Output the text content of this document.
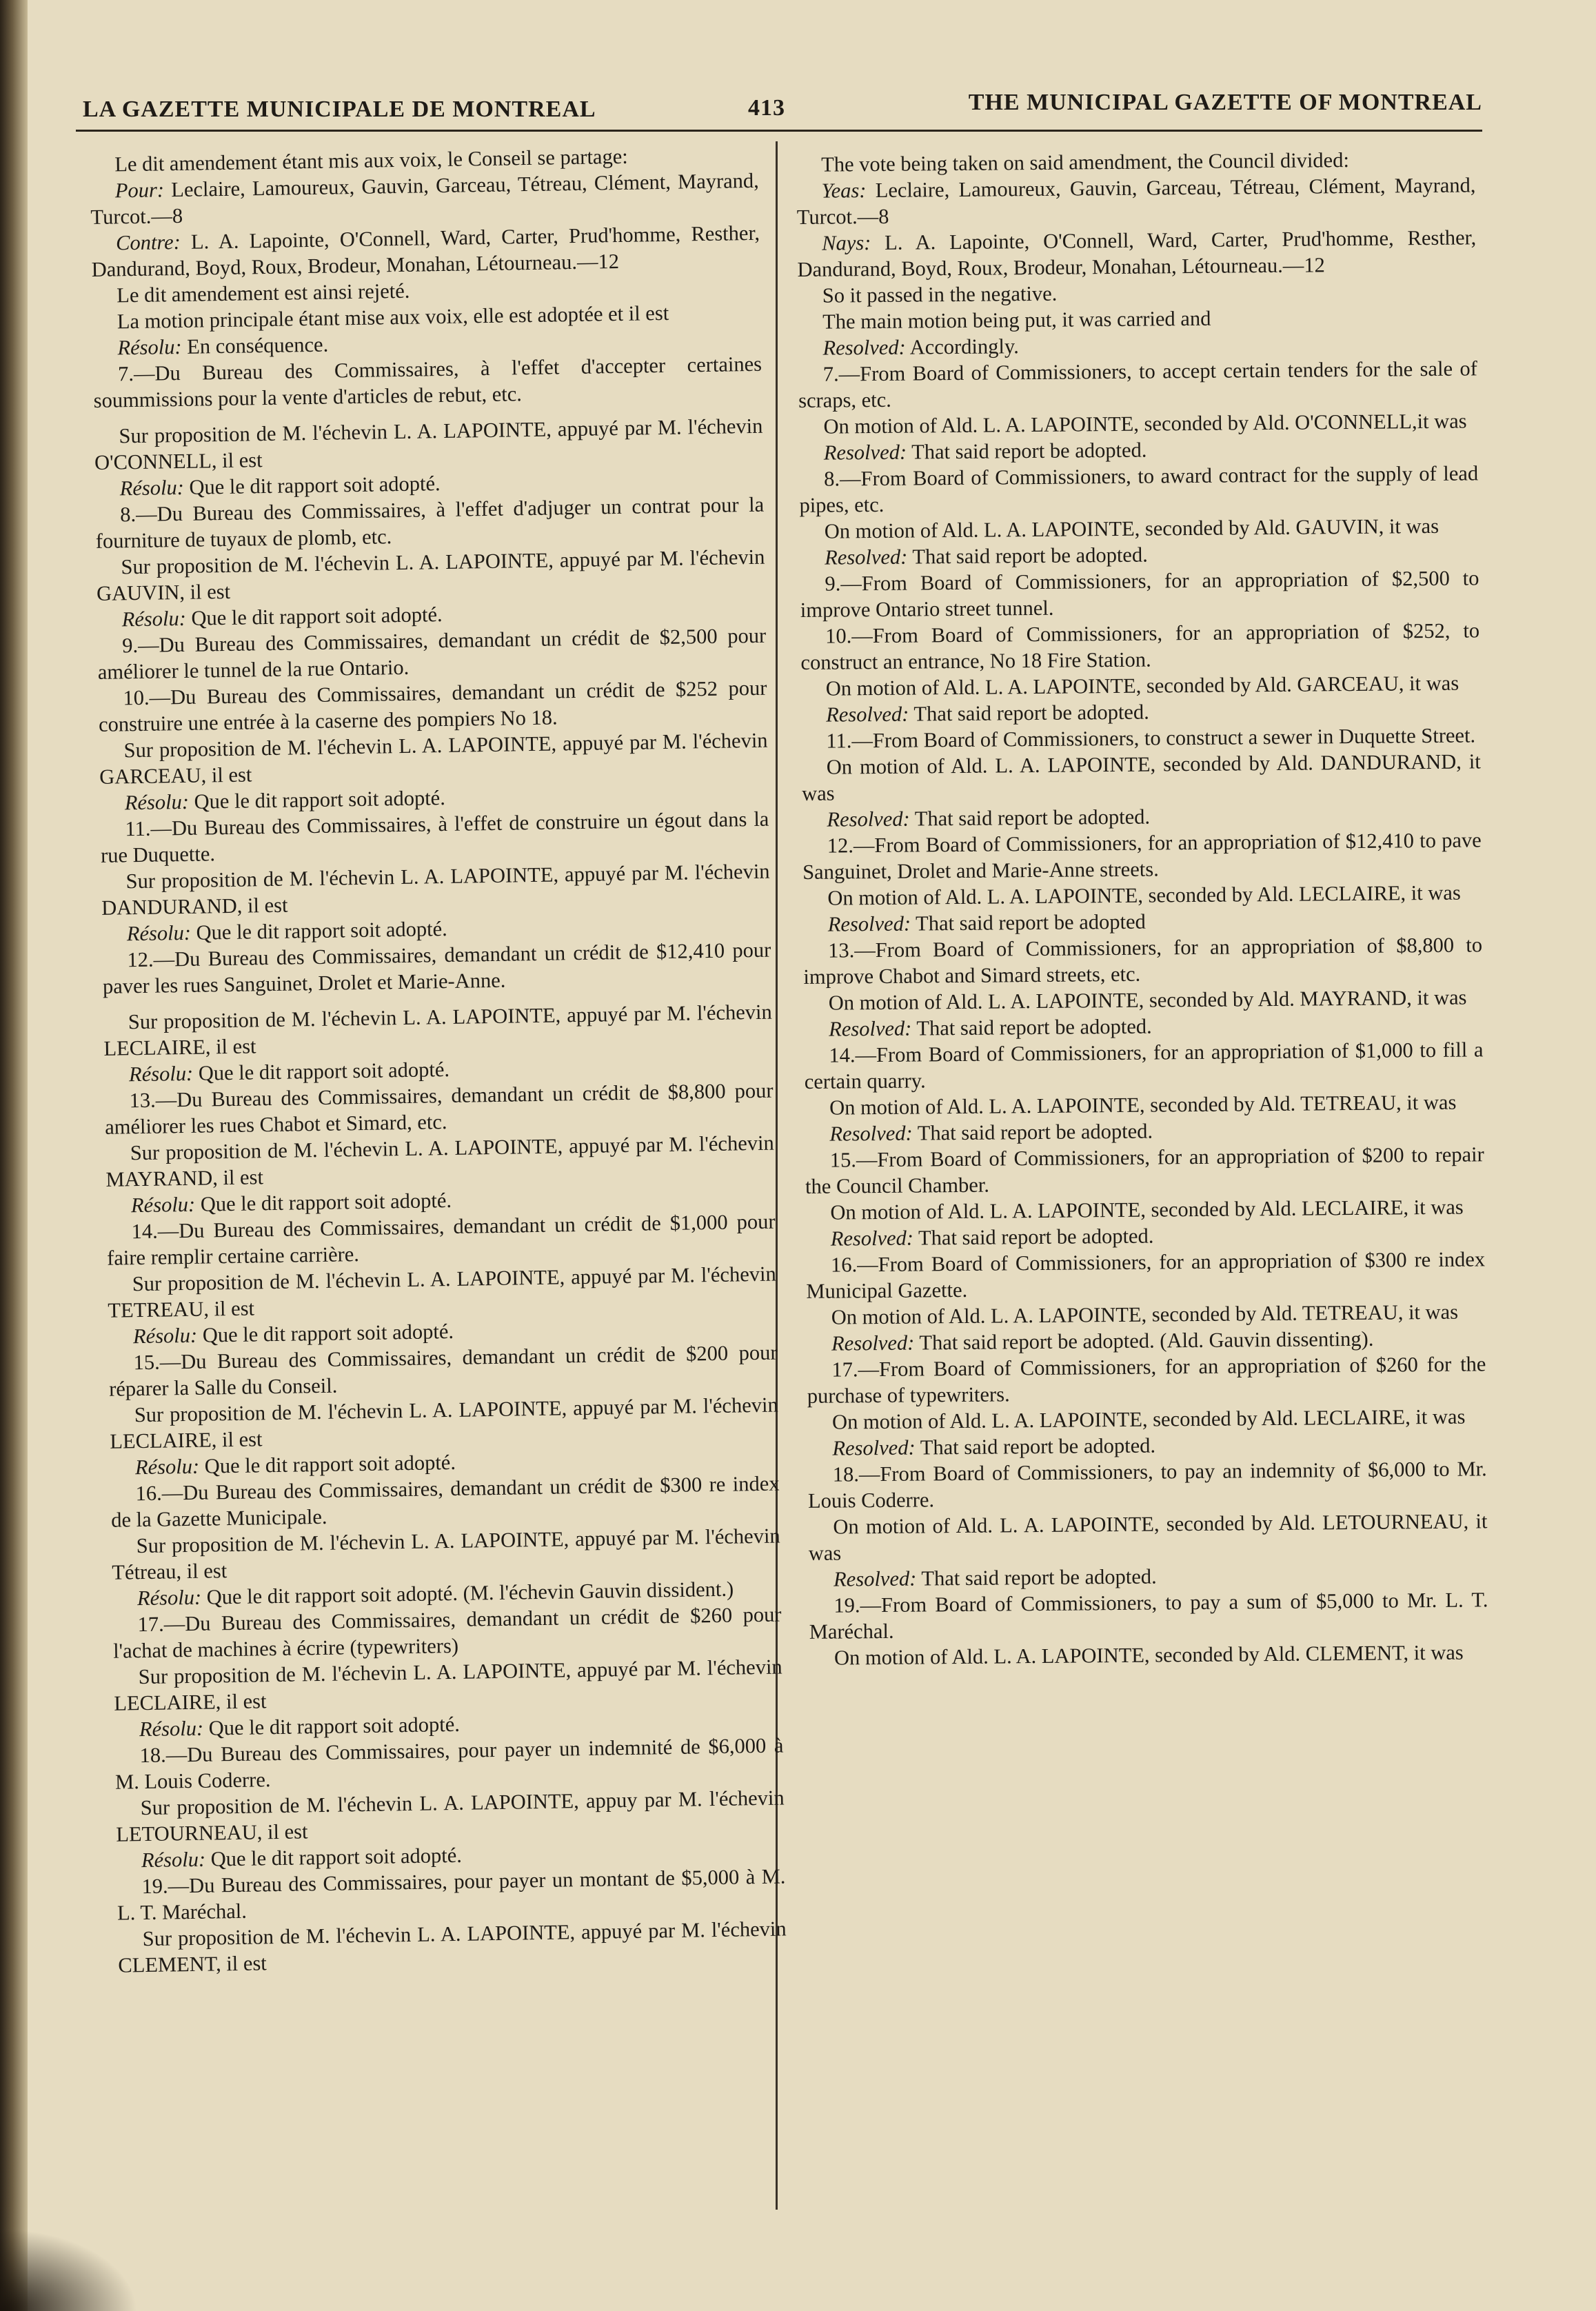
LA GAZETTE MUNICIPALE DE MONTREAL	413	THE MUNICIPAL GAZETTE OF MONTREAL

Le dit amendement étant mis aux voix, le Conseil se partage:

Pour: Leclaire, Lamoureux, Gauvin, Garceau, Tétreau, Clément, Mayrand, Turcot.—8

Contre: L. A. Lapointe, O'Connell, Ward, Carter, Prud'homme, Resther, Dandurand, Boyd, Roux, Brodeur, Monahan, Létourneau.—12

Le dit amendement est ainsi rejeté.

La motion principale étant mise aux voix, elle est adoptée et il est

Résolu: En conséquence.

7.—Du Bureau des Commissaires, à l'effet d'accepter certaines soummissions pour la vente d'articles de rebut, etc.

Sur proposition de M. l'échevin L. A. LAPOINTE, appuyé par M. l'échevin O'CONNELL, il est

Résolu: Que le dit rapport soit adopté.

8.—Du Bureau des Commissaires, à l'effet d'adjuger un contrat pour la fourniture de tuyaux de plomb, etc.

Sur proposition de M. l'échevin L. A. LAPOINTE, appuyé par M. l'échevin GAUVIN, il est

Résolu: Que le dit rapport soit adopté.

9.—Du Bureau des Commissaires, demandant un crédit de $2,500 pour améliorer le tunnel de la rue Ontario.

10.—Du Bureau des Commissaires, demandant un crédit de $252 pour construire une entrée à la caserne des pompiers No 18.

Sur proposition de M. l'échevin L. A. LAPOINTE, appuyé par M. l'échevin GARCEAU, il est

Résolu: Que le dit rapport soit adopté.

11.—Du Bureau des Commissaires, à l'effet de construire un égout dans la rue Duquette.

Sur proposition de M. l'échevin L. A. LAPOINTE, appuyé par M. l'échevin DANDURAND, il est

Résolu: Que le dit rapport soit adopté.

12.—Du Bureau des Commissaires, demandant un crédit de $12,410 pour paver les rues Sanguinet, Drolet et Marie-Anne.

Sur proposition de M. l'échevin L. A. LAPOINTE, appuyé par M. l'échevin LECLAIRE, il est

Résolu: Que le dit rapport soit adopté.

13.—Du Bureau des Commissaires, demandant un crédit de $8,800 pour améliorer les rues Chabot et Simard, etc.

Sur proposition de M. l'échevin L. A. LAPOINTE, appuyé par M. l'échevin MAYRAND, il est

Résolu: Que le dit rapport soit adopté.

14.—Du Bureau des Commissaires, demandant un crédit de $1,000 pour faire remplir certaine carrière.

Sur proposition de M. l'échevin L. A. LAPOINTE, appuyé par M. l'échevin TETREAU, il est

Résolu: Que le dit rapport soit adopté.

15.—Du Bureau des Commissaires, demandant un crédit de $200 pour réparer la Salle du Conseil.

Sur proposition de M. l'échevin L. A. LAPOINTE, appuyé par M. l'échevin LECLAIRE, il est

Résolu: Que le dit rapport soit adopté.

16.—Du Bureau des Commissaires, demandant un crédit de $300 re index de la Gazette Municipale.

Sur proposition de M. l'échevin L. A. LAPOINTE, appuyé par M. l'échevin Tétreau, il est

Résolu: Que le dit rapport soit adopté. (M. l'échevin Gauvin dissident.)

17.—Du Bureau des Commissaires, demandant un crédit de $260 pour l'achat de machines à écrire (typewriters)

Sur proposition de M. l'échevin L. A. LAPOINTE, appuyé par M. l'échevin LECLAIRE, il est

Résolu: Que le dit rapport soit adopté.

18.—Du Bureau des Commissaires, pour payer un indemnité de $6,000 à M. Louis Coderre.

Sur proposition de M. l'échevin L. A. LAPOINTE, appuy par M. l'échevin LETOURNEAU, il est

Résolu: Que le dit rapport soit adopté.

19.—Du Bureau des Commissaires, pour payer un montant de $5,000 à M. L. T. Maréchal.

Sur proposition de M. l'échevin L. A. LAPOINTE, appuyé par M. l'échevin CLEMENT, il est

The vote being taken on said amendment, the Council divided:

Yeas: Leclaire, Lamoureux, Gauvin, Garceau, Tétreau, Clément, Mayrand, Turcot.—8

Nays: L. A. Lapointe, O'Connell, Ward, Carter, Prud'homme, Resther, Dandurand, Boyd, Roux, Brodeur, Monahan, Létourneau.—12

So it passed in the negative.

The main motion being put, it was carried and

Resolved: Accordingly.

7.—From Board of Commissioners, to accept certain tenders for the sale of scraps, etc.

On motion of Ald. L. A. LAPOINTE, seconded by Ald. O'CONNELL,it was

Resolved: That said report be adopted.

8.—From Board of Commissioners, to award contract for the supply of lead pipes, etc.

On motion of Ald. L. A. LAPOINTE, seconded by Ald. GAUVIN, it was

Resolved: That said report be adopted.

9.—From Board of Commissioners, for an appropriation of $2,500 to improve Ontario street tunnel.

10.—From Board of Commissioners, for an appropriation of $252, to construct an entrance, No 18 Fire Station.

On motion of Ald. L. A. LAPOINTE, seconded by Ald. GARCEAU, it was

Resolved: That said report be adopted.

11.—From Board of Commissioners, to construct a sewer in Duquette Street.

On motion of Ald. L. A. LAPOINTE, seconded by Ald. DANDURAND, it was

Resolved: That said report be adopted.

12.—From Board of Commissioners, for an appropriation of $12,410 to pave Sanguinet, Drolet and Marie-Anne streets.

On motion of Ald. L. A. LAPOINTE, seconded by Ald. LECLAIRE, it was

Resolved: That said report be adopted

13.—From Board of Commissioners, for an appropriation of $8,800 to improve Chabot and Simard streets, etc.

On motion of Ald. L. A. LAPOINTE, seconded by Ald. MAYRAND, it was

Resolved: That said report be adopted.

14.—From Board of Commissioners, for an appropriation of $1,000 to fill a certain quarry.

On motion of Ald. L. A. LAPOINTE, seconded by Ald. TETREAU, it was

Resolved: That said report be adopted.

15.—From Board of Commissioners, for an appropriation of $200 to repair the Council Chamber.

On motion of Ald. L. A. LAPOINTE, seconded by Ald. LECLAIRE, it was

Resolved: That said report be adopted.

16.—From Board of Commissioners, for an appropriation of $300 re index Municipal Gazette.

On motion of Ald. L. A. LAPOINTE, seconded by Ald. TETREAU, it was

Resolved: That said report be adopted. (Ald. Gauvin dissenting).

17.—From Board of Commissioners, for an appropriation of $260 for the purchase of typewriters.

On motion of Ald. L. A. LAPOINTE, seconded by Ald. LECLAIRE, it was

Resolved: That said report be adopted.

18.—From Board of Commissioners, to pay an indemnity of $6,000 to Mr. Louis Coderre.

On motion of Ald. L. A. LAPOINTE, seconded by Ald. LETOURNEAU, it was

Resolved: That said report be adopted.

19.—From Board of Commissioners, to pay a sum of $5,000 to Mr. L. T. Maréchal.

On motion of Ald. L. A. LAPOINTE, seconded by Ald. CLEMENT, it was
